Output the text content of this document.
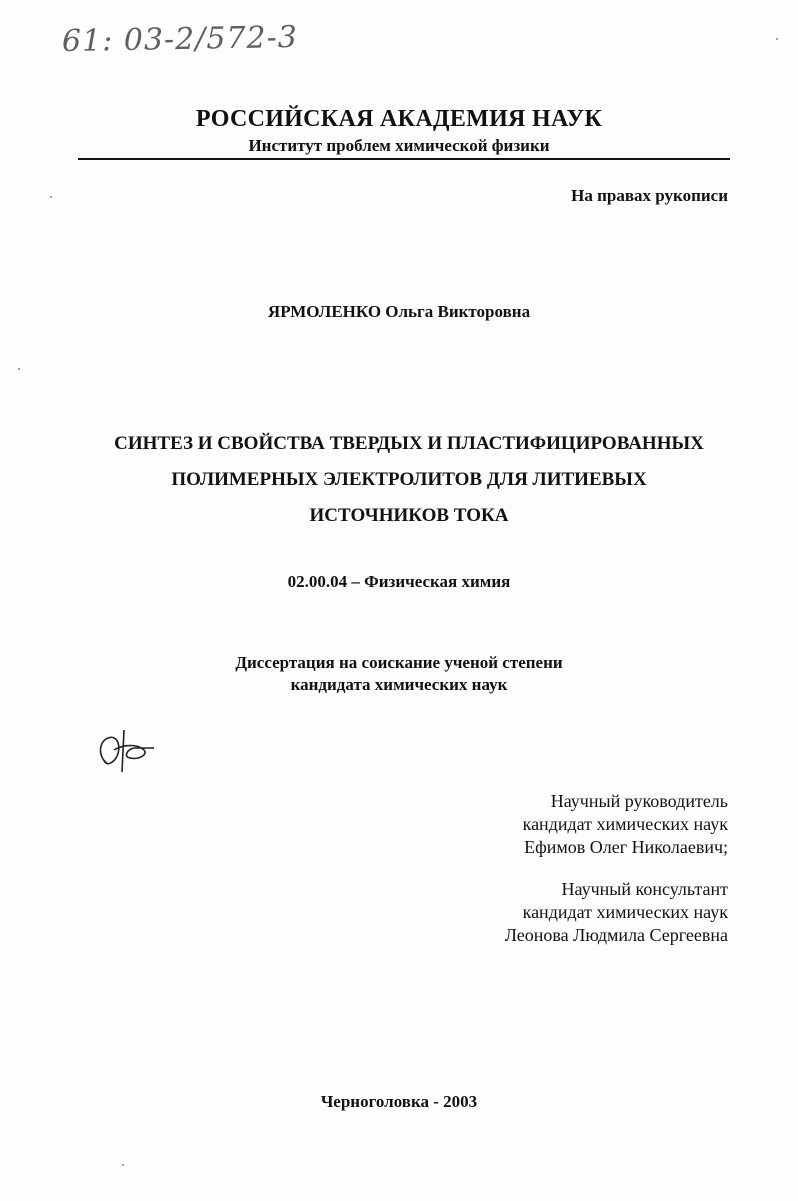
61: 03-2/572-3
РОССИЙСКАЯ АКАДЕМИЯ НАУК
Институт проблем химической физики
На правах рукописи
ЯРМОЛЕНКО Ольга Викторовна
СИНТЕЗ И СВОЙСТВА ТВЕРДЫХ И ПЛАСТИФИЦИРОВАННЫХ
ПОЛИМЕРНЫХ ЭЛЕКТРОЛИТОВ ДЛЯ ЛИТИЕВЫХ
ИСТОЧНИКОВ ТОКА
02.00.04 – Физическая химия
Диссертация на соискание ученой степени
кандидата химических наук
Научный руководитель
кандидат химических наук
Ефимов Олег Николаевич;
Научный консультант
кандидат химических наук
Леонова Людмила Сергеевна
Черноголовка - 2003
